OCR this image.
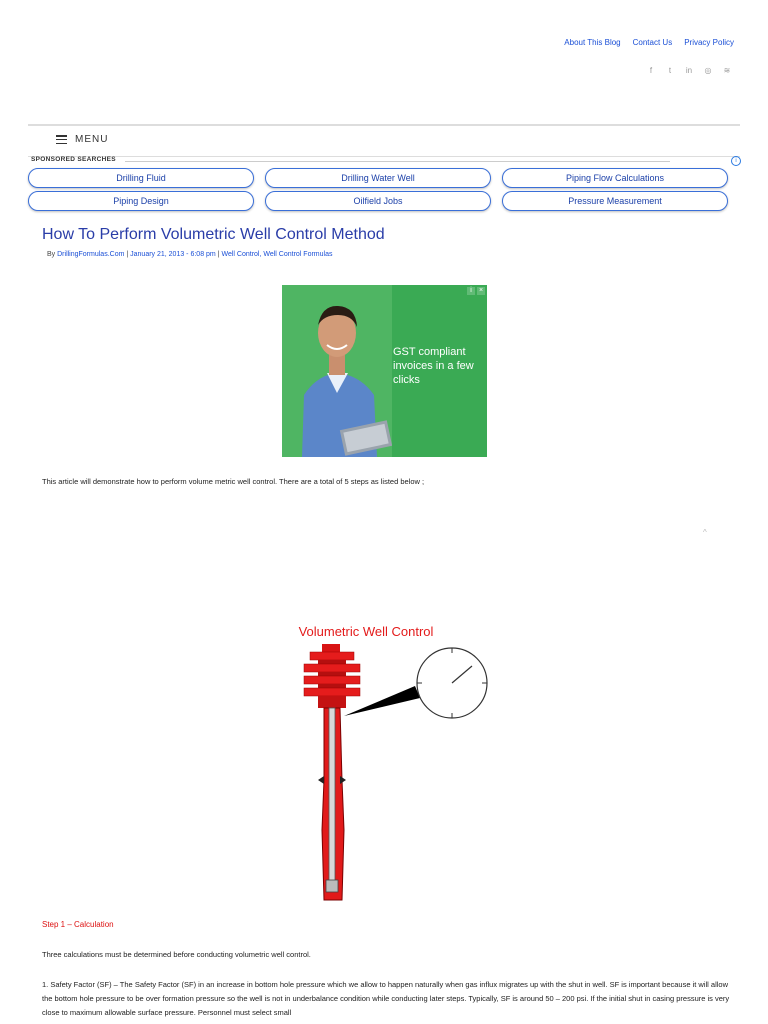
About This Blog Contact Us Privacy Policy
f	t	in ◎ ≋
MENU
SPONSORED SEARCHES	i
Drilling Fluid	Drilling Water Well	Piping Flow Calculations
Piping Design	Oilfield Jobs	Pressure Measurement
How To Perform Volumetric Well Control Method
By DrillingFormulas.Com | January 21, 2013 - 6:08 pm | Well Control, Well Control Formulas
GST compliant invoices in a few clicks
i	×
This article will demonstrate how to perform volume metric well control. There are a total of 5 steps as listed below ;
^
Volumetric Well Control
Step 1 – Calculation
Three calculations must be determined before conducting volumetric well control.
1. Safety Factor (SF) – The Safety Factor (SF) in an increase in bottom hole pressure which we allow to happen naturally when gas influx migrates up with the shut in well. SF is important because it will allow the bottom hole pressure to be over formation pressure so the well is not in underbalance condition while conducting later steps. Typically, SF is around 50 – 200 psi. If the initial shut in casing pressure is very close to maximum allowable surface pressure. Personnel must select small
